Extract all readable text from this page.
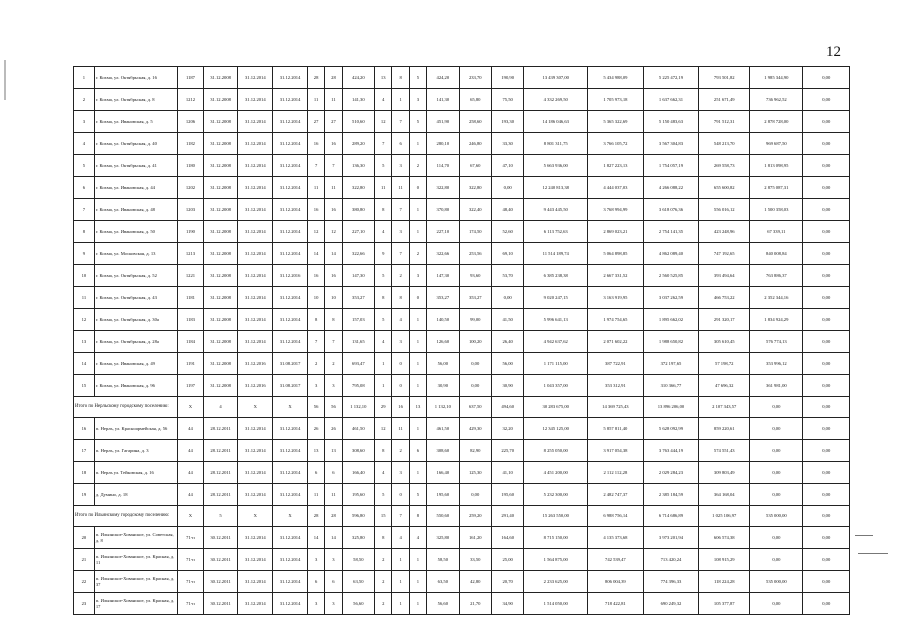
12
1	г. Кохма, ул. Октябрьская, д. 16	1187	31.12.2008	31.12.2014	31.12.2014	28	28	424,20	13	8	5	424,20	233,70	190,90	13 439 307,00	5 434 988,09	5 225 472,19	793 501,82	1 985 344,90	0,00
2	г. Кохма, ул. Октябрьская, д. 8	1212	31.12.2008	31.12.2014	31.12.2014	11	11	141,30	4	1	3	141,30	65,80	75,50	4 332 269,50	1 705 973,18	1 637 662,31	251 671,49	736 962,52	0,00
3	г. Кохма, ул. Ивановская, д. 5	1206	31.12.2008	31.12.2014	31.12.2014	27	27	510,60	12	7	5	451,90	258,60	193,30	14 186 046,63	5 365 322,69	5 150 483,63	791 512,31	2 878 728,00	0,00
4	г. Кохма, ул. Октябрьская, д. 40	1182	31.12.2008	31.12.2014	31.12.2014	16	16	289,20	7	6	1	280,10	246,80	33,30	8 801 311,75	3 766 105,72	3 567 304,83	548 213,70	969 687,50	0,00
5	г. Кохма, ул. Октябрьская, д. 41	1180	31.12.2008	31.12.2014	31.12.2014	7	7	136,30	5	3	2	114,70	67,60	47,10	5 663 936,00	1 827 223,13	1 754 057,19	269 558,73	1 813 098,95	0,00
6	г. Кохма, ул. Ивановская, д. 44	1202	31.12.2008	31.12.2014	31.12.2014	11	11	322,80	11	11	0	322,80	322,80	0,00	12 240 813,38	4 444 037,03	4 266 088,22	655 600,82	2 875 087,31	0,00
7	г. Кохма, ул. Ивановская, д. 48	1203	31.12.2008	31.12.2014	31.12.2014	16	16	380,80	8	7	1	370,80	322,40	48,40	9 443 445,50	3 768 994,99	3 618 076,36	556 016,12	1 500 358,03	0,00
8	г. Кохма, ул. Ивановская, д. 50	1190	31.12.2008	31.12.2014	31.12.2014	12	12	227,10	4	3	1	227,10	174,50	52,60	6 113 752,63	2 869 023,21	2 754 141,35	423 248,96	67 339,11	0,00
9	г. Кохма, ул. Московская, д. 13	1213	31.12.2008	31.12.2014	31.12.2014	14	14	322,66	9	7	2	322,66	253,56	69,10	11 514 189,74	5 064 898,85	4 862 089,40	747 192,65	840 008,84	0,00
10	г. Кохма, ул. Октябрьская, д. 52	1221	31.12.2008	31.12.2014	31.12.2016	16	16	147,30	5	2	3	147,30	93,60	53,70	6 385 238,38	2 667 331,52	2 560 525,85	393 494,64	763 886,37	0,00
11	г. Кохма, ул. Октябрьская, д. 43	1181	31.12.2008	31.12.2014	31.12.2014	10	10	353,27	8	8	0	353,27	353,27	0,00	9 020 247,15	3 163 919,95	3 037 262,59	466 753,22	2 352 344,16	0,00
12	г. Кохма, ул. Октябрьская, д. 30а	1183	31.12.2008	31.12.2014	31.12.2014	8	8	157,03	5	4	1	140,50	99,00	41,50	5 996 641,13	1 974 754,65	1 895 662,02	291 320,17	1 834 924,29	0,00
13	г. Кохма, ул. Октябрьская, д. 28а	1184	31.12.2008	31.12.2014	31.12.2014	7	7	131,65	4	3	1	126,60	100,20	26,40	4 942 637,62	2 071 602,22	1 988 650,82	305 610,45	576 774,13	0,00
14	г. Кохма, ул. Ивановская, д. 49	1191	31.12.2008	31.12.2016	31.08.2017	2	2	693,47	1	0	1	56,00	0,00	56,00	1 171 115,00	387 722,91	372 197,65	57 198,72	353 996,12	0,00
15	г. Кохма, ул. Ивановская, д. 96	1197	31.12.2008	31.12.2016	31.08.2017	3	3	795,08	1	0	1	30,90	0,00	30,90	1 043 357,00	353 312,91	310 366,77	47 696,32	361 981,00	0,00
Итого по Нерльскому городскому поселению:		X	4	X	X	56	56	1 132,10	29	16	13	1 132,10	637,50	494,60	30 283 675,00	14 369 725,43	13 896 206,00	2 107 343,57	0,00	0,00
16	п. Нерль, ул. Красноармейская, д. 56	44	28.12.2011	31.12.2014	31.12.2014	26	26	461,50	12	11	1	461,50	429,30	32,20	12 345 125,00	5 857 811,40	5 628 092,99	859 220,61	0,00	0,00
17	п. Нерль, ул. Гагарина, д. 3	44	28.12.2011	31.12.2014	31.12.2014	13	13	308,60	8	2	6	308,60	82,90	225,70	8 255 050,00	3 917 054,38	3 763 444,19	574 551,43	0,00	0,00
18	п. Нерль ул. Тейковская, д. 16	44	28.12.2011	31.12.2014	31.12.2014	6	6	166,40	4	3	1	166,40	125,30	41,10	4 451 200,00	2 112 112,28	2 029 284,23	309 803,49	0,00	0,00
19	д. Думино, д. 18	44	28.12.2011	31.12.2014	31.12.2014	11	11	195,60	5	0	5	195,60	0,00	195,60	5 232 300,00	2 482 747,37	2 385 184,59	364 168,04	0,00	0,00
Итого по Ильинскому городскому поселению:		X	5	X	X	28	28	596,80	15	7	8	550,60	259,20	291,40	15 263 550,00	6 988 756,14	6 714 686,89	1 025 106,97	535 000,00	0,00
20	п. Ильинское-Хованское, ул. Советская, д. 8	71-п	30.12.2011	31.12.2014	31.12.2014	14	14	325,80	8	4	4	325,80	161,20	164,60	8 715 150,00	4 135 373,68	3 973 201,94	606 574,38	0,00	0,00
21	п. Ильинское-Хованское, ул. Красная, д. 11	71-п	30.12.2011	31.12.2014	31.12.2014	3	3	58,50	2	1	1	58,50	33,50	25,00	1 564 875,00	742 539,47	713 420,24	108 915,29	0,00	0,00
22	п. Ильинское-Хованское, ул. Красная, д. 37	71-п	30.12.2011	31.12.2014	31.12.2014	6	6	63,50	2	1	1	63,50	42,80	20,70	2 233 625,00	806 004,39	774 396,33	118 224,28	535 000,00	0,00
23	п. Ильинское-Хованское, ул. Красная, д. 17	71-п	30.12.2011	31.12.2014	31.12.2014	3	3	56,60	2	1	1	56,60	21,70	34,90	1 514 050,00	718 422,81	690 249,32	105 377,87	0,00	0,00
